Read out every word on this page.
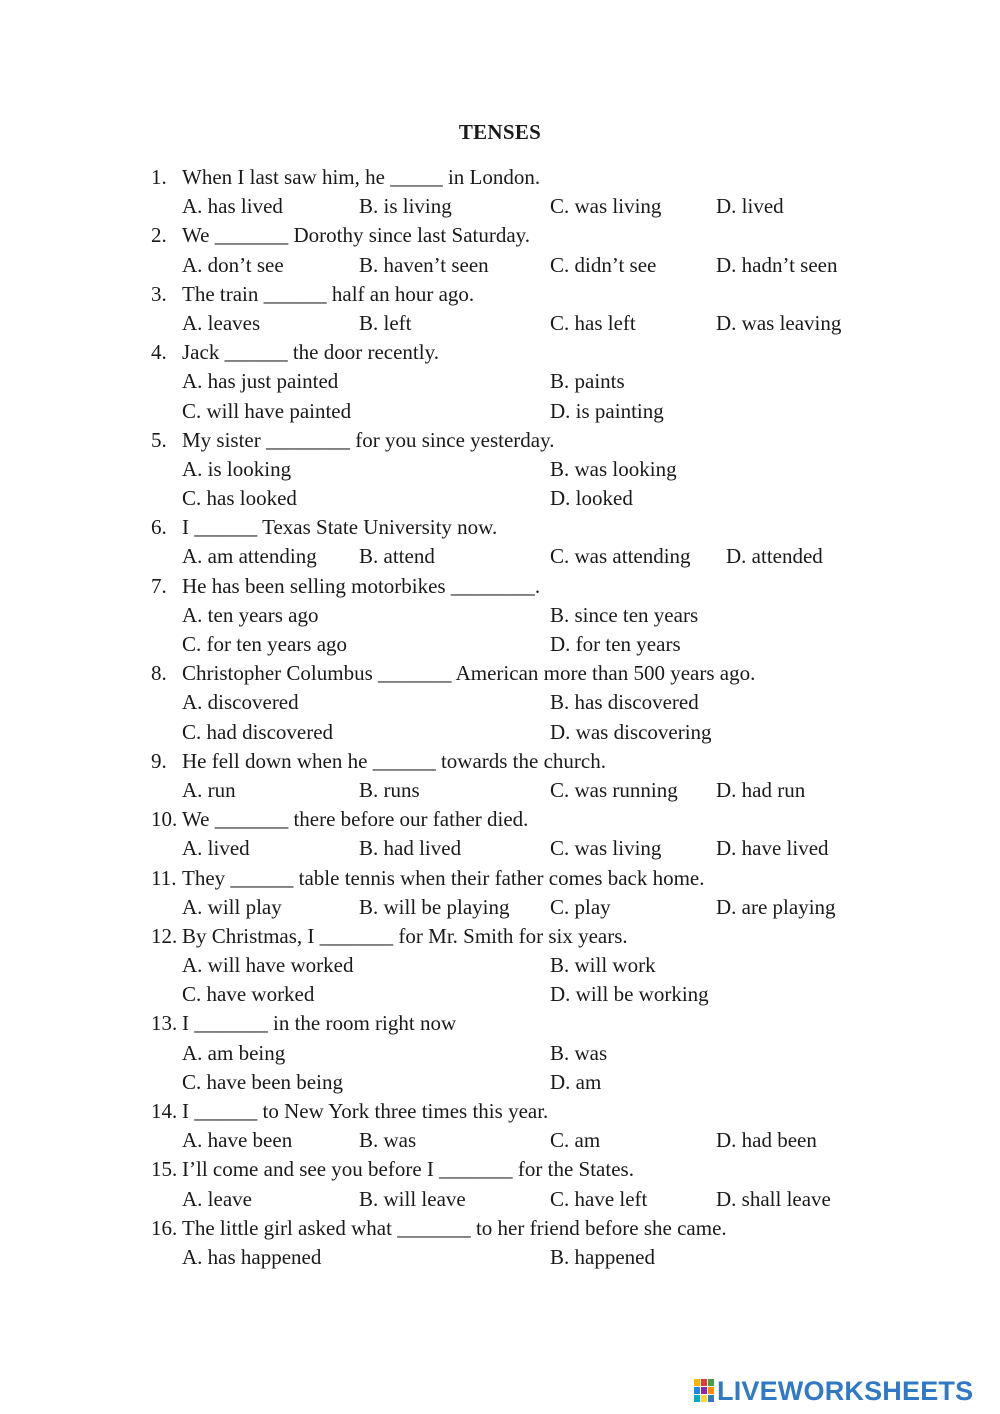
TENSES
1. When I last saw him, he _____ in London.
A. has lived	B. is living	C. was living	D. lived
2. We _______ Dorothy since last Saturday.
A. don’t see	B. haven’t seen	C. didn’t see	D. hadn’t seen
3. The train ______ half an hour ago.
A. leaves	B. left	C. has left	D. was leaving
4. Jack ______ the door recently.
A. has just painted	B. paints
C. will have painted	D. is painting
5. My sister ________ for you since yesterday.
A. is looking	B. was looking
C. has looked	D. looked
6. I ______ Texas State University now.
A. am attending B. attend	C. was attending D. attended
7. He has been selling motorbikes ________.
A. ten years ago	B. since ten years
C. for ten years ago	D. for ten years
8. Christopher Columbus _______ American more than 500 years ago.
A. discovered	B. has discovered
C. had discovered	D. was discovering
9. He fell down when he ______ towards the church.
A. run	B. runs	C. was running D. had run
10. We _______ there before our father died.
A. lived	B. had lived	C. was living	D. have lived
11. They ______ table tennis when their father comes back home.
A. will play	B. will be playing C. play	D. are playing
12. By Christmas, I _______ for Mr. Smith for six years.
A. will have worked	B. will work
C. have worked	D. will be working
13. I _______ in the room right now
A. am being	B. was
C. have been being	D. am
14. I ______ to New York three times this year.
A. have been	B. was	C. am	D. had been
15. I’ll come and see you before I _______ for the States.
A. leave	B. will leave	C. have left	D. shall leave
16. The little girl asked what _______ to her friend before she came.
A. has happened	B. happened
LIVEWORKSHEETS
